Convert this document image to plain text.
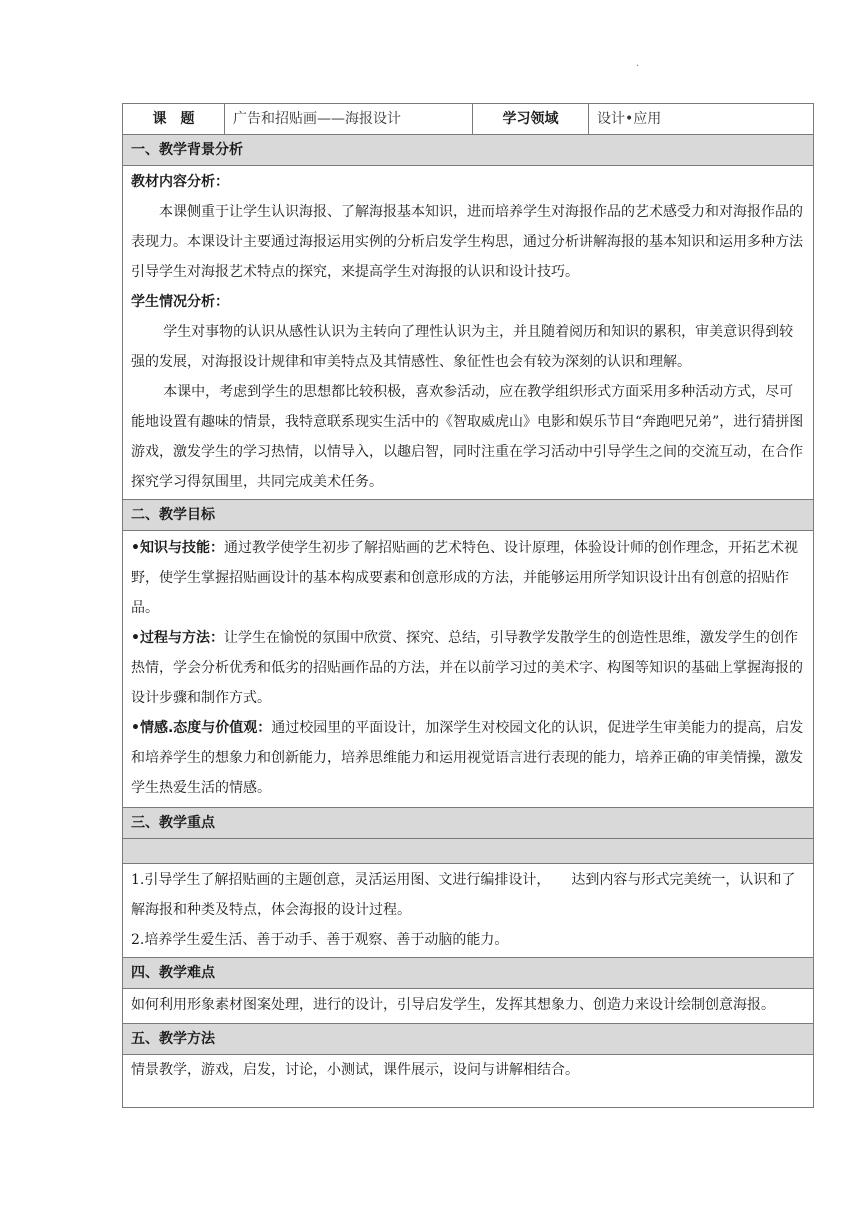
.
课　题	广告和招贴画——海报设计	学习领域	设计•应用
一、教学背景分析

教材内容分析：

本课侧重于让学生认识海报、了解海报基本知识，进而培养学生对海报作品的艺术感受力和对海报作品的表现力。本课设计主要通过海报运用实例的分析启发学生构思，通过分析讲解海报的基本知识和运用多种方法引导学生对海报艺术特点的探究，来提高学生对海报的认识和设计技巧。

学生情况分析：

学生对事物的认识从感性认识为主转向了理性认识为主，并且随着阅历和知识的累积，审美意识得到较强的发展，对海报设计规律和审美特点及其情感性、象征性也会有较为深刻的认识和理解。

本课中，考虑到学生的思想都比较积极，喜欢参活动，应在教学组织形式方面采用多种活动方式，尽可能地设置有趣味的情景，我特意联系现实生活中的《智取威虎山》电影和娱乐节目“奔跑吧兄弟”，进行猜拼图游戏，激发学生的学习热情，以情导入，以趣启智，同时注重在学习活动中引导学生之间的交流互动，在合作探究学习得氛围里，共同完成美术任务。

二、教学目标

•知识与技能：通过教学使学生初步了解招贴画的艺术特色、设计原理，体验设计师的创作理念，开拓艺术视野，使学生掌握招贴画设计的基本构成要素和创意形成的方法，并能够运用所学知识设计出有创意的招贴作品。

•过程与方法：让学生在愉悦的氛围中欣赏、探究、总结，引导教学发散学生的创造性思维，激发学生的创作热情，学会分析优秀和低劣的招贴画作品的方法，并在以前学习过的美术字、构图等知识的基础上掌握海报的设计步骤和制作方式。

•情感.态度与价值观：通过校园里的平面设计，加深学生对校园文化的认识，促进学生审美能力的提高，启发和培养学生的想象力和创新能力，培养思维能力和运用视觉语言进行表现的能力，培养正确的审美情操，激发学生热爱生活的情感。

三、教学重点

1.引导学生了解招贴画的主题创意，灵活运用图、文进行编排设计，　　达到内容与形式完美统一，认识和了解海报和种类及特点，体会海报的设计过程。

2.培养学生爱生活、善于动手、善于观察、善于动脑的能力。

四、教学难点

如何利用形象素材图案处理，进行的设计，引导启发学生，发挥其想象力、创造力来设计绘制创意海报。

五、教学方法

情景教学，游戏，启发，讨论，小测试，课件展示，设问与讲解相结合。
